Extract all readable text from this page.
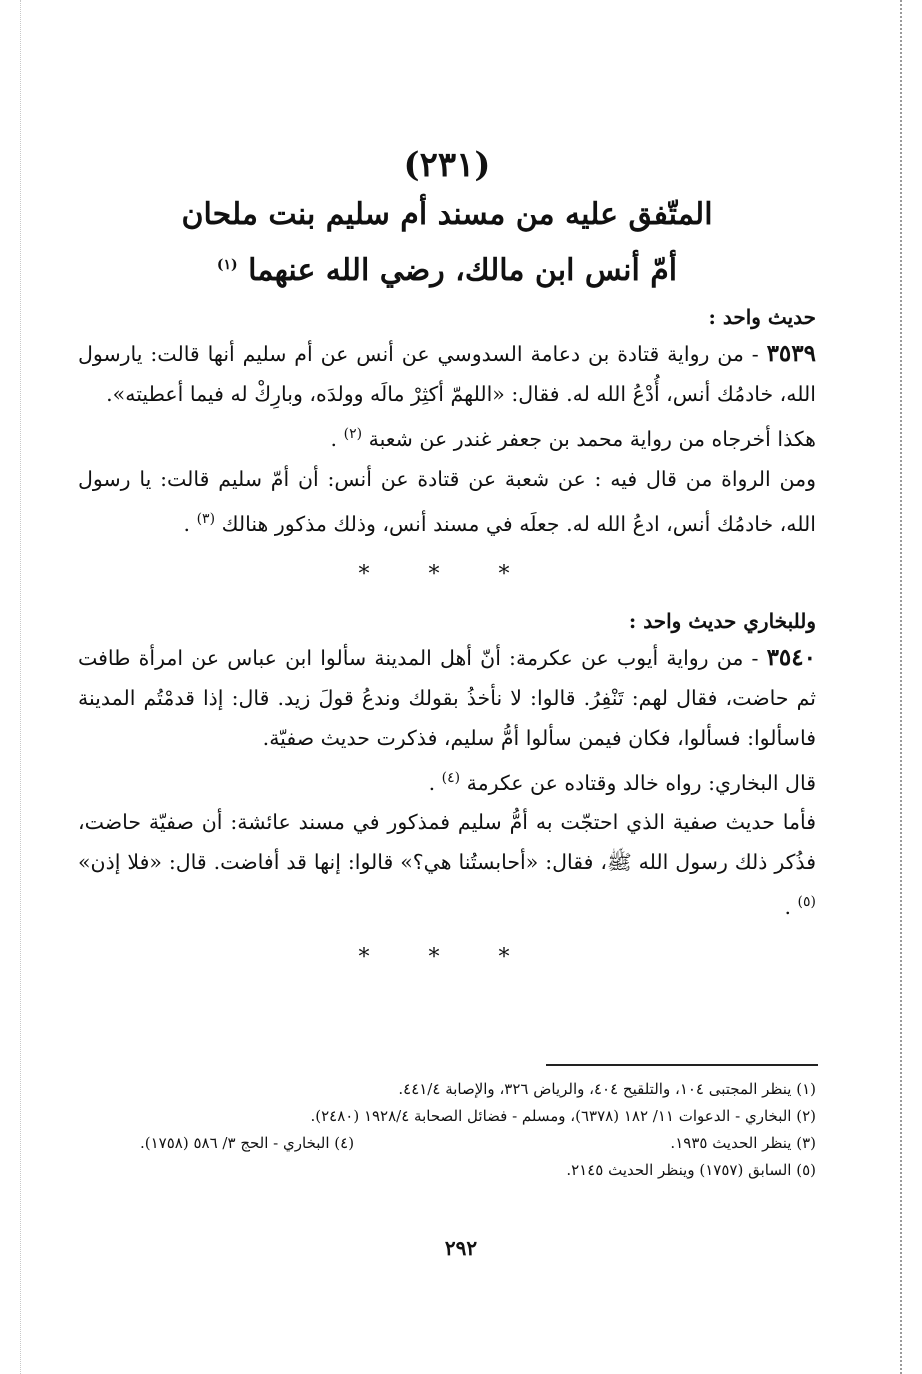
(٢٣١)
المتّفق عليه من مسند أم سليم بنت ملحان
أمّ أنس ابن مالك، رضي الله عنهما $^{(١)}$
حديث واحد :
٣٥٣٩ - من رواية قتادة بن دعامة السدوسي عن أنس عن أم سليم أنها قالت: يارسول الله، خادمُك أنس، أُدْعُ الله له. فقال: «اللهمّ أكثِرْ مالَه وولدَه، وبارِكْ له فيما أعطيته».
هكذا أخرجاه من رواية محمد بن جعفر غندر عن شعبة $^{(٢)}$ .
ومن الرواة من قال فيه : عن شعبة عن قتادة عن أنس: أن أمّ سليم قالت: يا رسول الله، خادمُك أنس، ادعُ الله له. جعلَه في مسند أنس، وذلك مذكور هنالك $^{(٣)}$ .
* * *
وللبخاري حديث واحد :
٣٥٤٠ - من رواية أيوب عن عكرمة: أنّ أهل المدينة سألوا ابن عباس عن امرأة طافت ثم حاضت، فقال لهم: تَنْفِرُ. قالوا: لا نأخذُ بقولك وندعُ قولَ زيد. قال: إذا قدمْتُم المدينة فاسألوا: فسألوا، فكان فيمن سألوا أمُّ سليم، فذكرت حديث صفيّة.
قال البخاري: رواه خالد وقتاده عن عكرمة $^{(٤)}$ .
فأما حديث صفية الذي احتجّت به أمُّ سليم فمذكور في مسند عائشة: أن صفيّة حاضت، فذُكر ذلك رسول الله ﷺ، فقال: «أحابستُنا هي؟» قالوا: إنها قد أفاضت. قال: «فلا إذن» $^{(٥)}$ .
* * *
(١) ينظر المجتبى ١٠٤، والتلقيح ٤٠٤، والرياض ٣٢٦، والإصابة ٤٤١/٤.
(٢) البخاري - الدعوات ١١/ ١٨٢ (٦٣٧٨)، ومسلم - فضائل الصحابة ١٩٢٨/٤ (٢٤٨٠).
(٣) ينظر الحديث ١٩٣٥.
(٤) البخاري - الحج ٣/ ٥٨٦ (١٧٥٨).
(٥) السابق (١٧٥٧) وينظر الحديث ٢١٤٥.
٢٩٢
